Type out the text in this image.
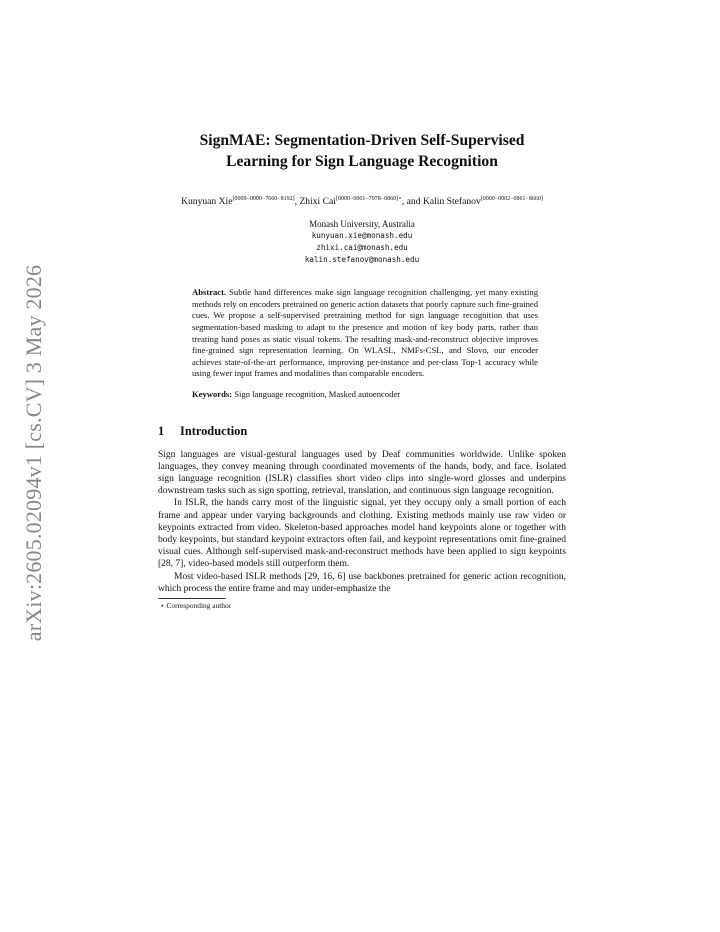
arXiv:2605.02094v1 [cs.CV] 3 May 2026
SignMAE: Segmentation-Driven Self-Supervised
Learning for Sign Language Recognition
Kunyuan Xie[0009−0000−7660−8192], Zhixi Cai$^{[0000-0001-7978-0860]⋆}$, and Kalin Stefanov[0000−0002−0861−8660]
Monash University, Australia
kunyuan.xie@monash.edu
zhixi.cai@monash.edu
kalin.stefanov@monash.edu
Abstract. Subtle hand differences make sign language recognition challenging, yet many existing methods rely on encoders pretrained on generic action datasets that poorly capture such fine-grained cues. We propose a self-supervised pretraining method for sign language recognition that uses segmentation-based masking to adapt to the presence and motion of key body parts, rather than treating hand poses as static visual tokens. The resulting mask-and-reconstruct objective improves fine-grained sign representation learning. On WLASL, NMFs-CSL, and Slovo, our encoder achieves state-of-the-art performance, improving per-instance and per-class Top-1 accuracy while using fewer input frames and modalities than comparable encoders.
Keywords: Sign language recognition, Masked autoencoder
1 Introduction

Sign languages are visual-gestural languages used by Deaf communities worldwide. Unlike spoken languages, they convey meaning through coordinated movements of the hands, body, and face. Isolated sign language recognition (ISLR) classifies short video clips into single-word glosses and underpins downstream tasks such as sign spotting, retrieval, translation, and continuous sign language recognition.

In ISLR, the hands carry most of the linguistic signal, yet they occupy only a small portion of each frame and appear under varying backgrounds and clothing. Existing methods mainly use raw video or keypoints extracted from video. Skeleton-based approaches model hand keypoints alone or together with body keypoints, but standard keypoint extractors often fail, and keypoint representations omit fine-grained visual cues. Although self-supervised mask-and-reconstruct methods have been applied to sign keypoints [28, 7], video-based models still outperform them.

Most video-based ISLR methods [29, 16, 6] use backbones pretrained for generic action recognition, which process the entire frame and may under-emphasize the

⋆ Corresponding author
